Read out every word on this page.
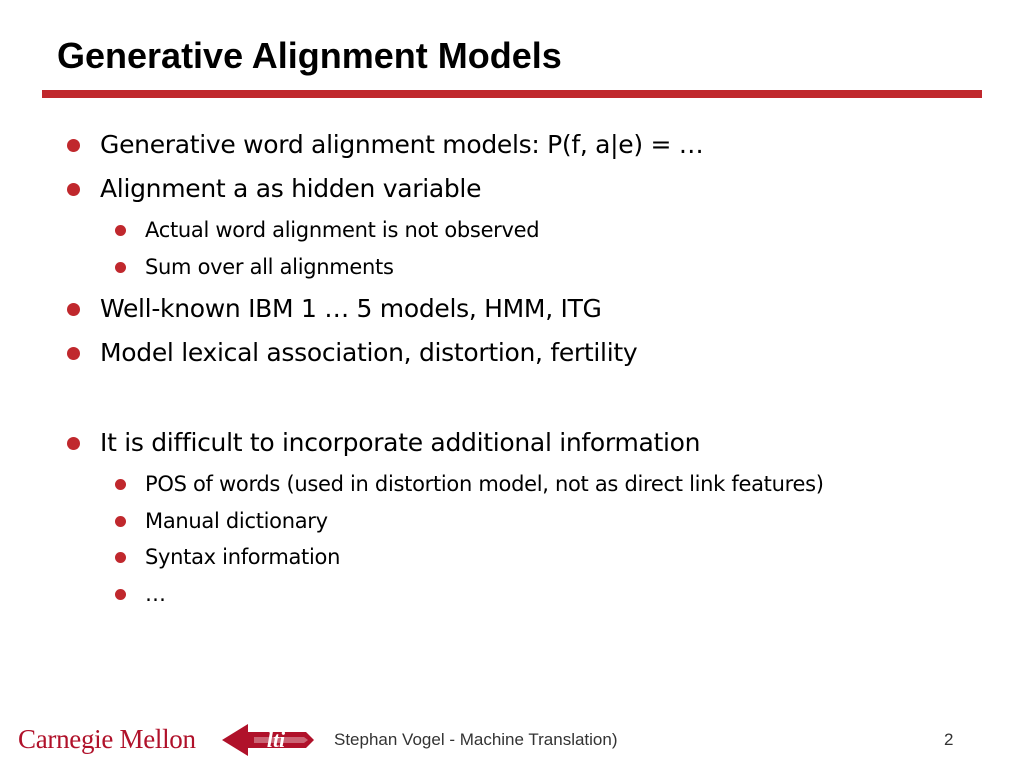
Generative Alignment Models
Generative word alignment models: P(f, a|e) = …
Alignment a as hidden variable
Actual word alignment is not observed
Sum over all alignments
Well-known IBM 1 … 5 models, HMM, ITG
Model lexical association, distortion, fertility
It is difficult to incorporate additional information
POS of words (used in distortion model, not as direct link features)
Manual dictionary
Syntax information
…
Carnegie Mellon	lti	Stephan Vogel - Machine Translation)	2
